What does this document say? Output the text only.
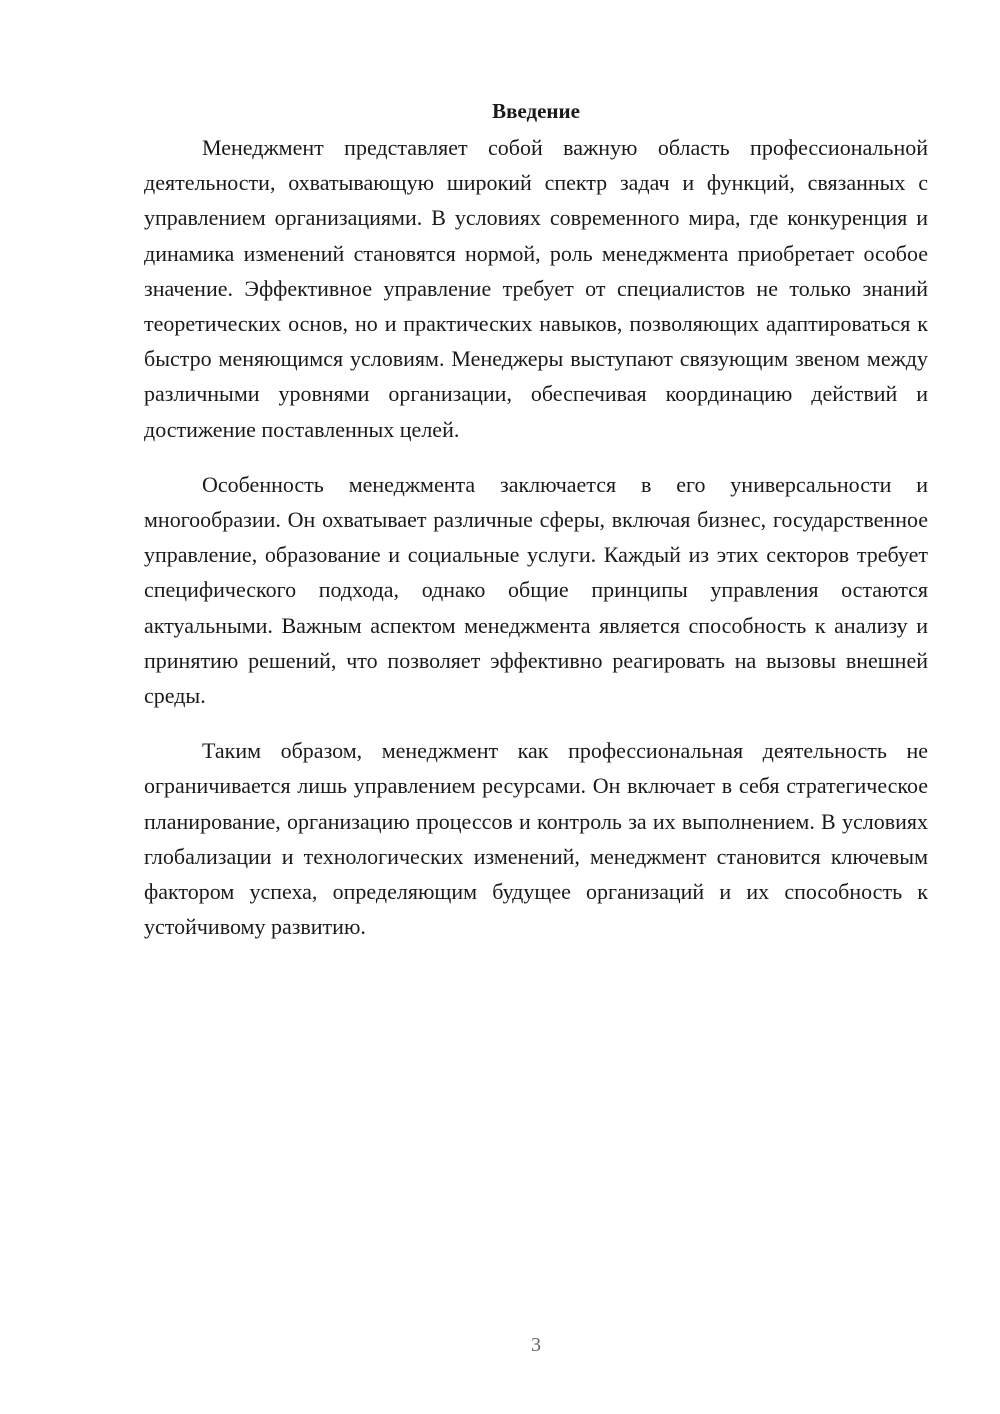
Введение

Менеджмент представляет собой важную область профессиональной деятельности, охватывающую широкий спектр задач и функций, связанных с управлением организациями. В условиях современного мира, где конкуренция и динамика изменений становятся нормой, роль менеджмента приобретает особое значение. Эффективное управление требует от специалистов не только знаний теоретических основ, но и практических навыков, позволяющих адаптироваться к быстро меняющимся условиям. Менеджеры выступают связующим звеном между различными уровнями организации, обеспечивая координацию действий и достижение поставленных целей.

Особенность менеджмента заключается в его универсальности и многообразии. Он охватывает различные сферы, включая бизнес, государственное управление, образование и социальные услуги. Каждый из этих секторов требует специфического подхода, однако общие принципы управления остаются актуальными. Важным аспектом менеджмента является способность к анализу и принятию решений, что позволяет эффективно реагировать на вызовы внешней среды.

Таким образом, менеджмент как профессиональная деятельность не ограничивается лишь управлением ресурсами. Он включает в себя стратегическое планирование, организацию процессов и контроль за их выполнением. В условиях глобализации и технологических изменений, менеджмент становится ключевым фактором успеха, определяющим будущее организаций и их способность к устойчивому развитию.

3
